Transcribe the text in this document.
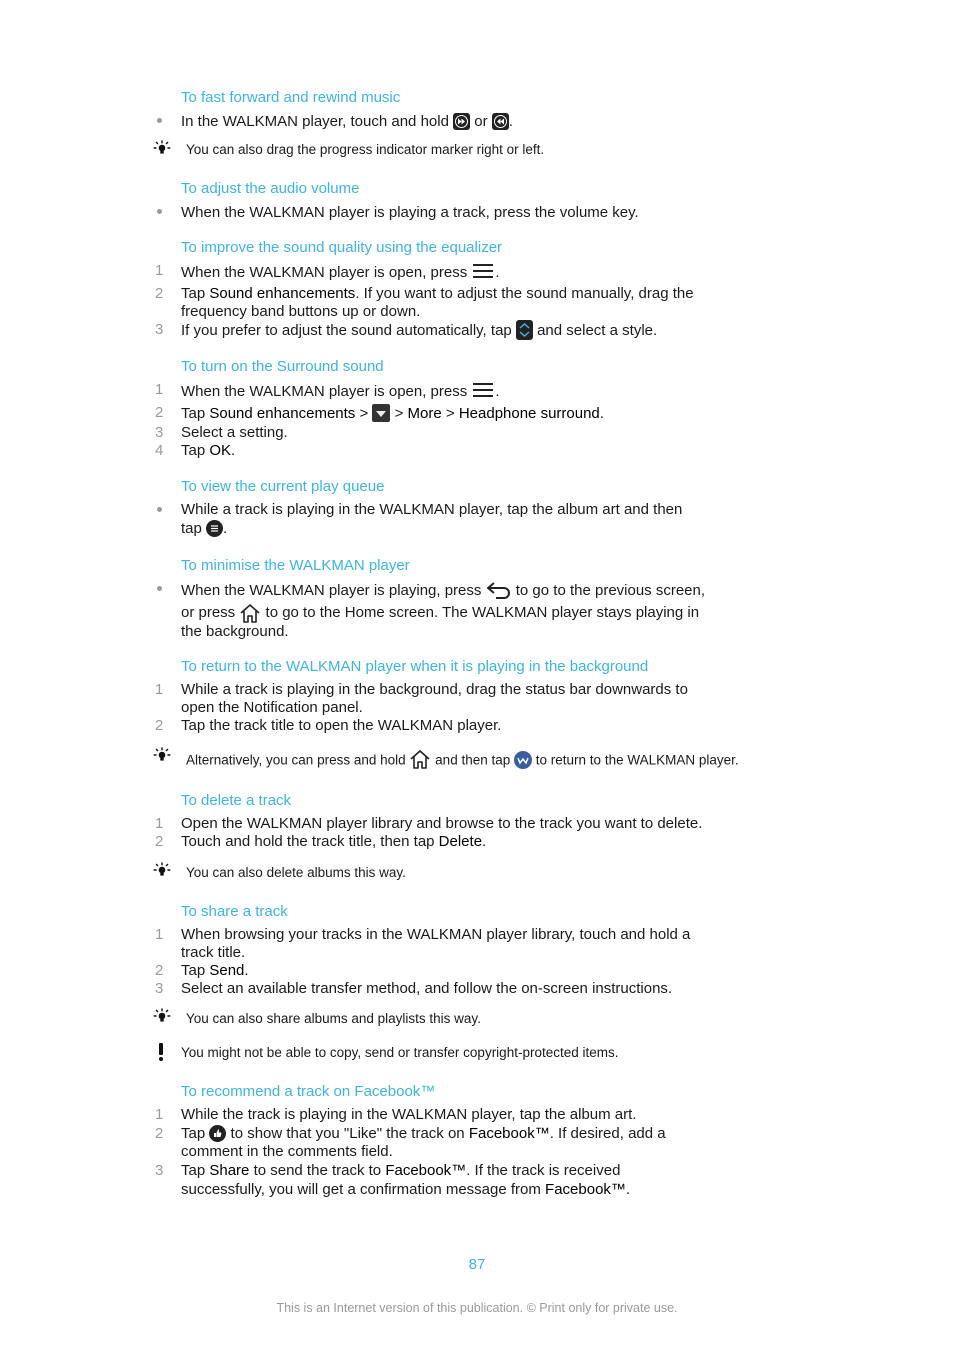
To fast forward and rewind music
In the WALKMAN player, touch and hold or .
You can also drag the progress indicator marker right or left.
To adjust the audio volume
When the WALKMAN player is playing a track, press the volume key.
To improve the sound quality using the equalizer
1 When the WALKMAN player is open, press .
2 Tap Sound enhancements. If you want to adjust the sound manually, drag the
frequency band buttons up or down.
3 If you prefer to adjust the sound automatically, tap and select a style.
To turn on the Surround sound
1 When the WALKMAN player is open, press .
2 Tap Sound enhancements > > More > Headphone surround.
3 Select a setting.
4 Tap OK.
To view the current play queue
While a track is playing in the WALKMAN player, tap the album art and then
tap .
To minimise the WALKMAN player
When the WALKMAN player is playing, press to go to the previous screen,
or press to go to the Home screen. The WALKMAN player stays playing in
the background.
To return to the WALKMAN player when it is playing in the background
1 While a track is playing in the background, drag the status bar downwards to
open the Notification panel.
2 Tap the track title to open the WALKMAN player.
Alternatively, you can press and hold and then tap to return to the WALKMAN player.
To delete a track
1 Open the WALKMAN player library and browse to the track you want to delete.
2 Touch and hold the track title, then tap Delete.
You can also delete albums this way.
To share a track
1 When browsing your tracks in the WALKMAN player library, touch and hold a
track title.
2 Tap Send.
3 Select an available transfer method, and follow the on-screen instructions.
You can also share albums and playlists this way.
You might not be able to copy, send or transfer copyright-protected items.
To recommend a track on Facebook™
1 While the track is playing in the WALKMAN player, tap the album art.
2 Tap to show that you "Like" the track on Facebook™. If desired, add a
comment in the comments field.
3 Tap Share to send the track to Facebook™. If the track is received
successfully, you will get a confirmation message from Facebook™.
87
This is an Internet version of this publication. © Print only for private use.
